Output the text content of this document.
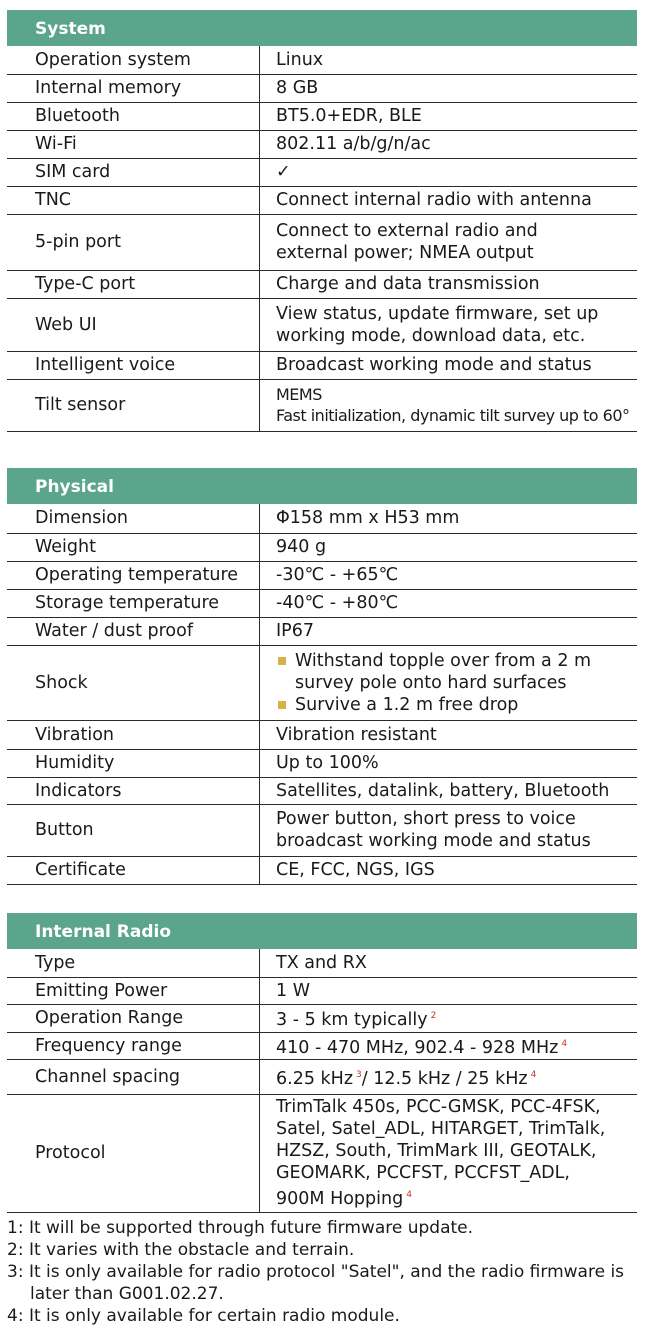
System
Operation system	Linux

Internal memory	8 GB

Bluetooth	BT5.0+EDR, BLE

Wi-Fi	802.11 a/b/g/n/ac

SIM card	✓

TNC	Connect internal radio with antenna

5-pin port	Connect to external radio and
external power; NMEA output

Type-C port	Charge and data transmission

Web UI	View status, update firmware, set up
working mode, download data, etc.

Intelligent voice	Broadcast working mode and status

Tilt sensor	MEMS
Fast initialization, dynamic tilt survey up to 60°
Physical
Dimension	Φ158 mm x H53 mm

Weight	940 g

Operating temperature	-30℃ - +65℃

Storage temperature	-40℃ - +80℃

Water / dust proof	IP67

Shock	Withstand topple over from a 2 m
survey pole onto hard surfaces
Survive a 1.2 m free drop

Vibration	Vibration resistant

Humidity	Up to 100%

Indicators	Satellites, datalink, battery, Bluetooth

Button	Power button, short press to voice
broadcast working mode and status

Certificate	CE, FCC, NGS, IGS
Internal Radio
Type	TX and RX

Emitting Power	1 W

Operation Range	3 - 5 km typically $^2$

Frequency range	410 - 470 MHz, 902.4 - 928 MHz $^4$

Channel spacing	6.25 kHz $^3$/ 12.5 kHz / 25 kHz $^4$

Protocol	TrimTalk 450s, PCC-GMSK, PCC-4FSK,
Satel, Satel_ADL, HITARGET, TrimTalk,
HZSZ, South, TrimMark III, GEOTALK,
GEOMARK, PCCFST, PCCFST_ADL,
900M Hopping $^4$
1: It will be supported through future firmware update.
2: It varies with the obstacle and terrain.
3: It is only available for radio protocol "Satel", and the radio firmware is
later than G001.02.27.
4: It is only available for certain radio module.
